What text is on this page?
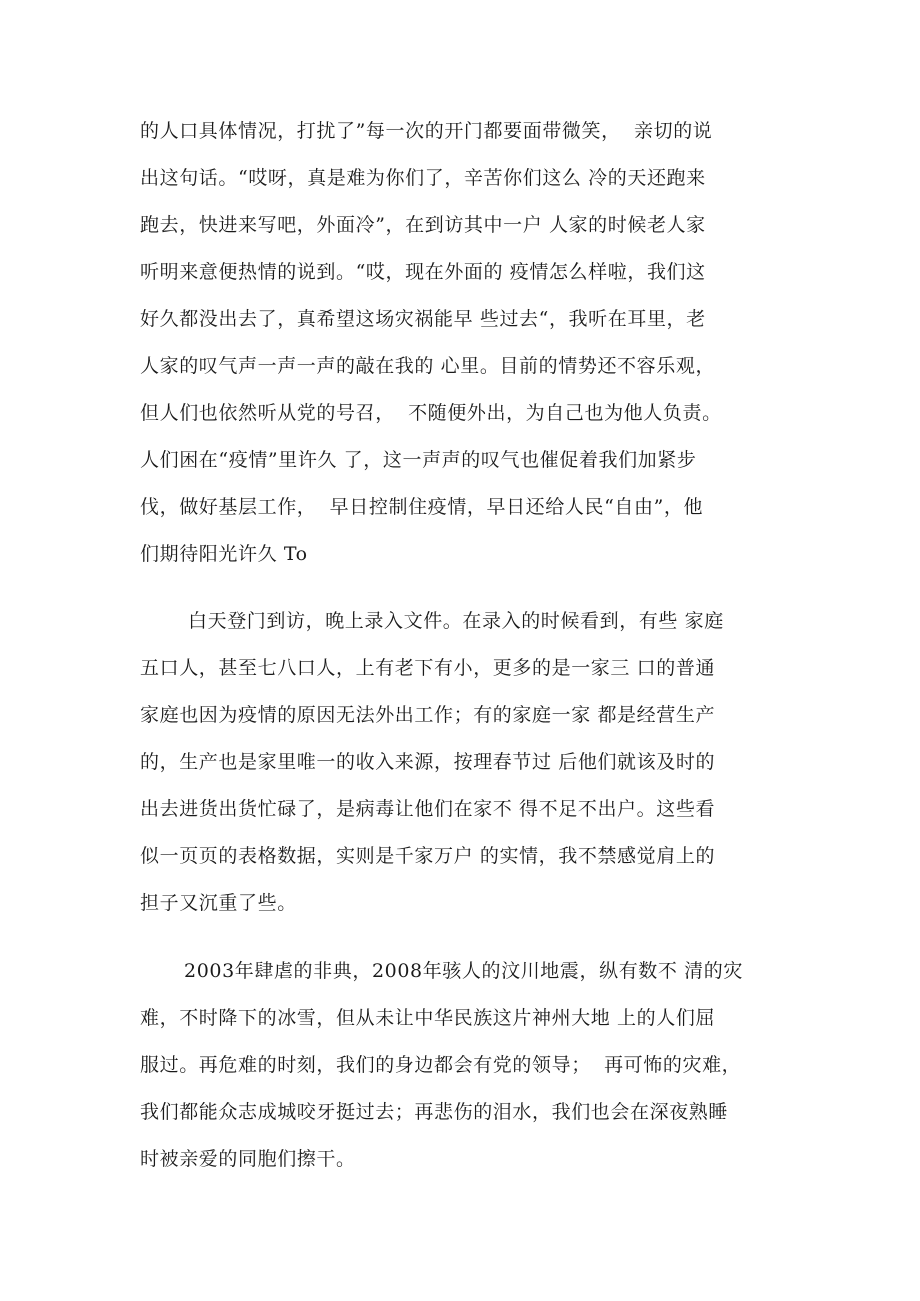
的人口具体情况，打扰了”每一次的开门都要面带微笑，  亲切的说
出这句话。“哎呀，真是难为你们了，辛苦你们这么 冷的天还跑来
跑去，快进来写吧，外面冷”，在到访其中一户 人家的时候老人家
听明来意便热情的说到。“哎，现在外面的 疫情怎么样啦，我们这
好久都没出去了，真希望这场灾祸能早 些过去“，我听在耳里，老
人家的叹气声一声一声的敲在我的 心里。目前的情势还不容乐观，
但人们也依然听从党的号召，  不随便外出，为自己也为他人负责。
人们困在“疫情”里许久 了，这一声声的叹气也催促着我们加紧步
伐，做好基层工作，  早日控制住疫情，早日还给人民“自由”，他
们期待阳光许久 To
白天登门到访，晚上录入文件。在录入的时候看到，有些 家庭
五口人，甚至七八口人，上有老下有小，更多的是一家三 口的普通
家庭也因为疫情的原因无法外出工作；有的家庭一家 都是经营生产
的，生产也是家里唯一的收入来源，按理春节过 后他们就该及时的
出去进货出货忙碌了，是病毒让他们在家不 得不足不出户。这些看
似一页页的表格数据，实则是千家万户 的实情，我不禁感觉肩上的
担子又沉重了些。
2003年肆虐的非典，2008年骇人的汶川地震，纵有数不 清的灾
难，不时降下的冰雪，但从未让中华民族这片神州大地 上的人们屈
服过。再危难的时刻，我们的身边都会有党的领导；  再可怖的灾难，
我们都能众志成城咬牙挺过去；再悲伤的泪水，我们也会在深夜熟睡
时被亲爱的同胞们擦干。
